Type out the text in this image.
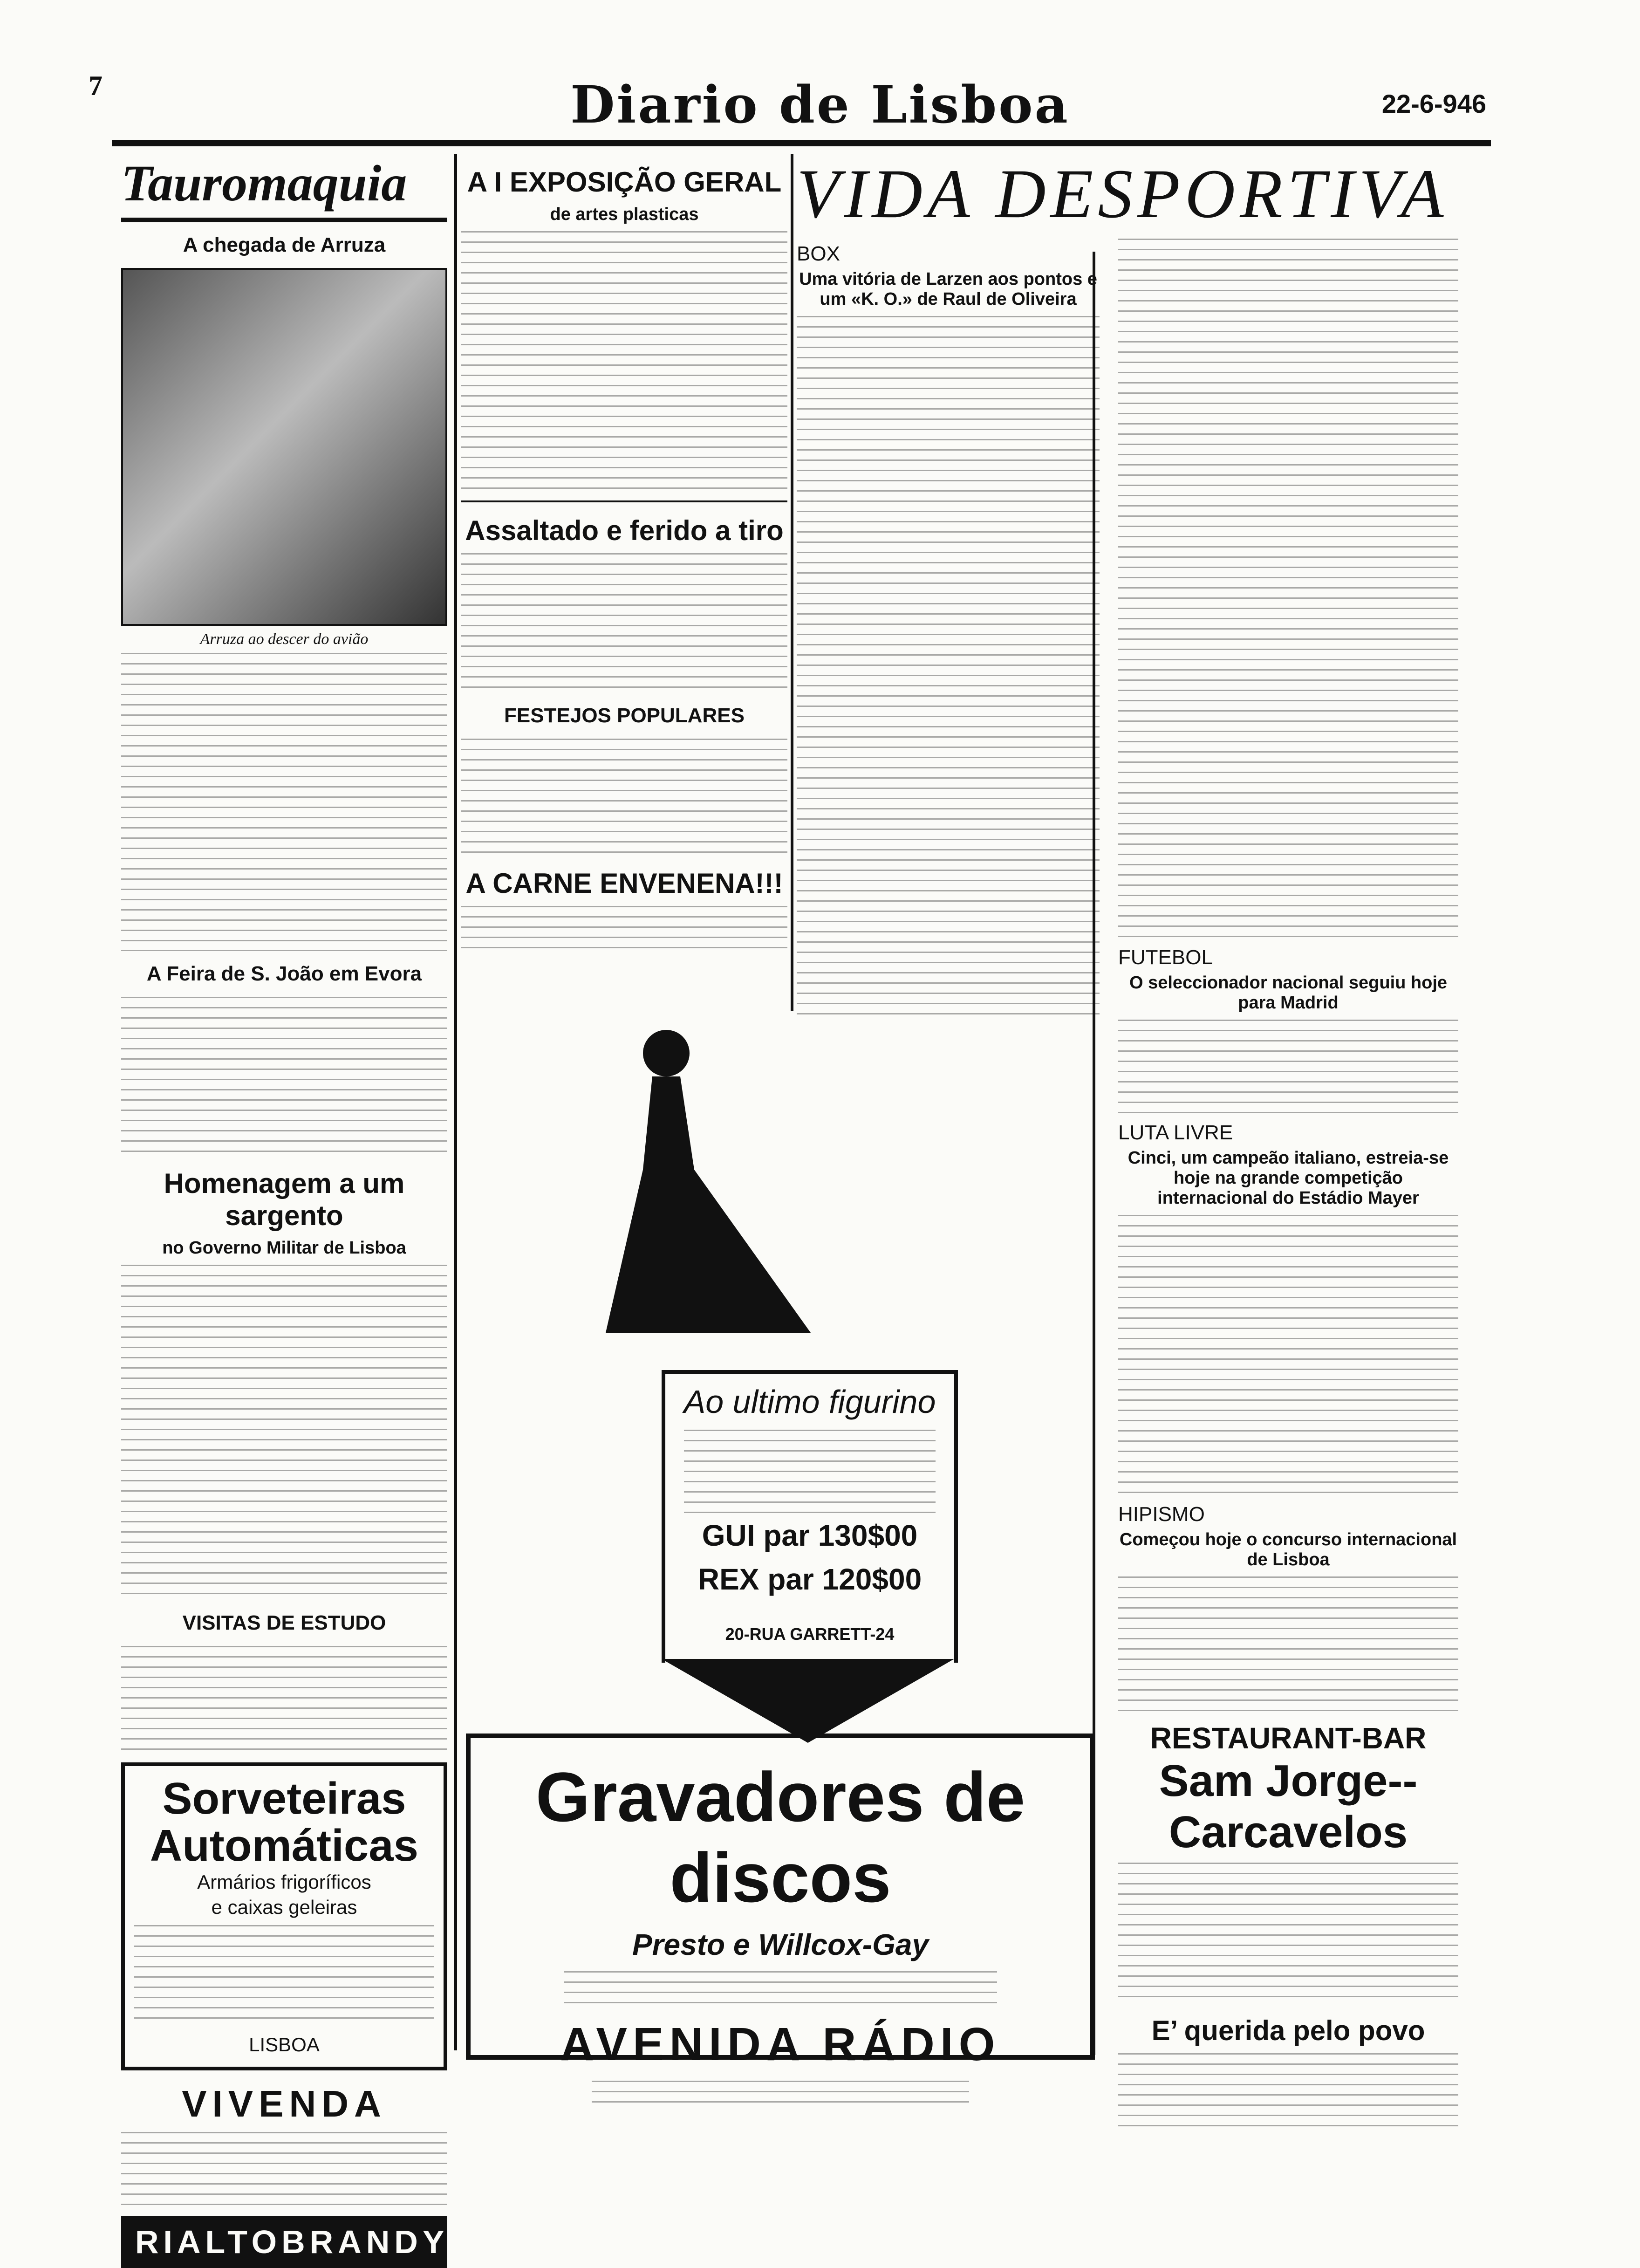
7	Diario de Lisboa	22-6-946
Tauromaquia
A chegada de Arruza
Arruza ao descer do avião
A Feira de S. João em Evora
Homenagem a um sargento
no Governo Militar de Lisboa
VISITAS DE ESTUDO
Sorveteiras Automáticas
Armários frigoríficos
e caixas geleiras
LISBOA
VIVENDA
RIALTO BRANDY
A I EXPOSIÇÃO GERAL
de artes plasticas
Assaltado e ferido a tiro
FESTEJOS POPULARES
A CARNE ENVENENA!!!
VIDA DESPORTIVA
BOX
Uma vitória de Larzen aos pontos e um «K. O.» de Raul de Oliveira
FUTEBOL
O seleccionador nacional seguiu hoje para Madrid
LUTA LIVRE
Cinci, um campeão italiano, estreia-se hoje na grande competição internacional do Estádio Mayer
HIPISMO
Começou hoje o concurso internacional de Lisboa
RESTAURANT-BAR
Sam Jorge--Carcavelos
E’ querida pelo povo
Ao ultimo figurino
GUI par 130$00
REX par 120$00
20-RUA GARRETT-24
Gravadores de discos
Presto e Willcox-Gay
AVENIDA RÁDIO
